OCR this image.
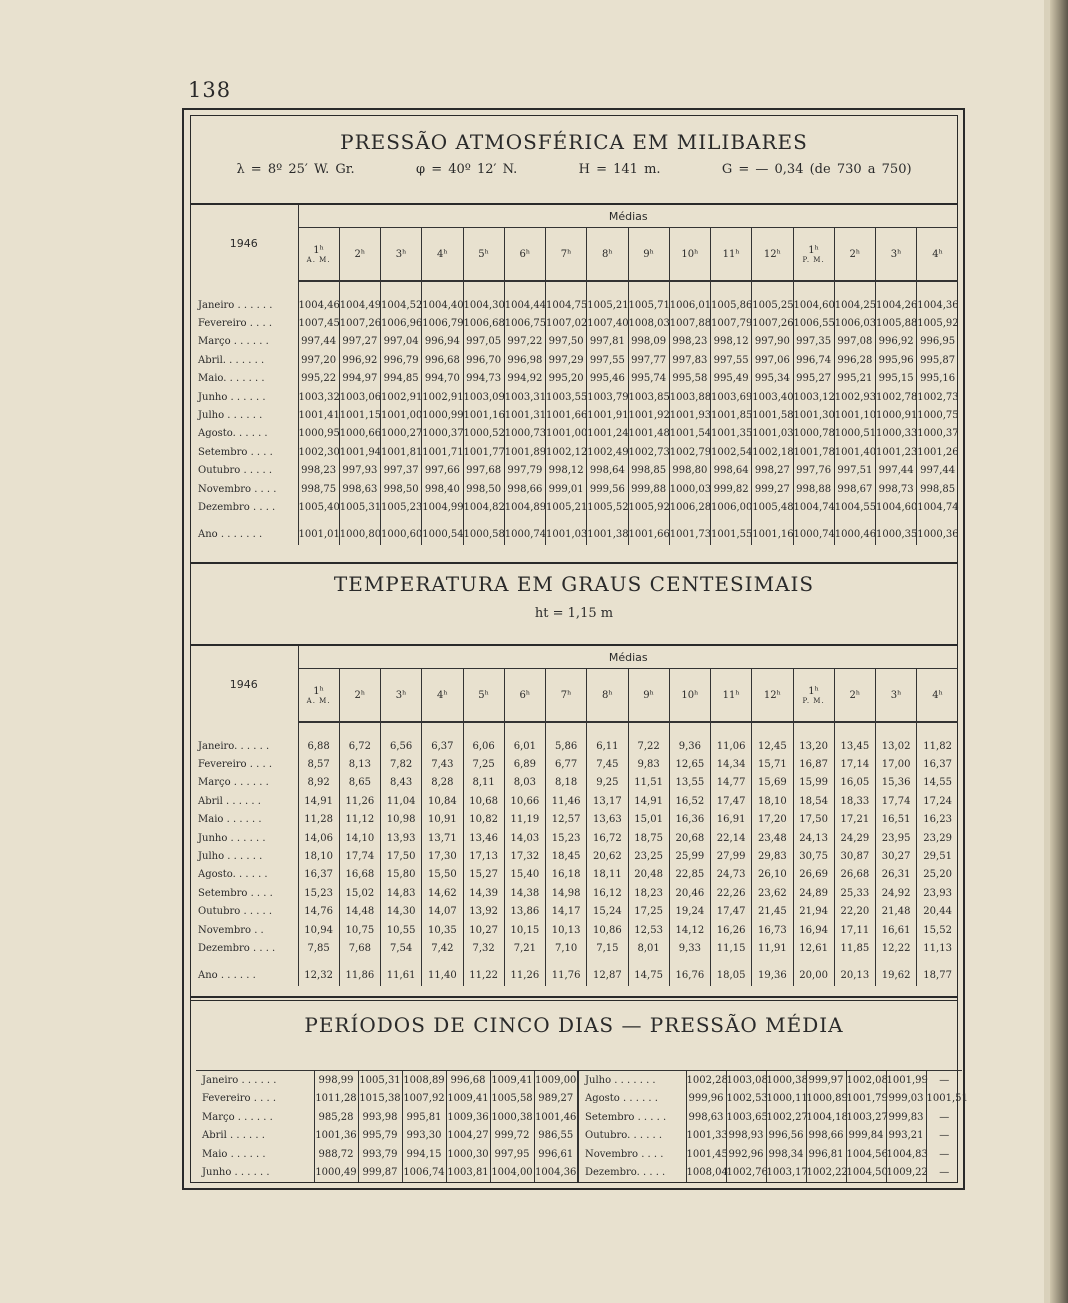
138
PRESSÃO ATMOSFÉRICA EM MILIBARES
λ = 8º 25′ W. Gr.          φ = 40º 12′ N.          H = 141 m.          G = — 0,34 (de 730 a 750)
1946	Médias															

	1ʰ
A. M.	2ʰ	3ʰ	4ʰ	5ʰ	6ʰ	7ʰ	8ʰ	9ʰ	10ʰ	11ʰ	12ʰ	1ʰ
P. M.	2ʰ	3ʰ	4ʰ

Janeiro . . . . . .	1004,46	1004,49	1004,52	1004,40	1004,30	1004,44	1004,75	1005,21	1005,71	1006,01	1005,86	1005,25	1004,60	1004,25	1004,26	1004,36
Fevereiro . . . .	1007,45	1007,26	1006,96	1006,79	1006,68	1006,75	1007,02	1007,40	1008,03	1007,88	1007,79	1007,26	1006,55	1006,03	1005,88	1005,92
Março . . . . . .	997,44	997,27	997,04	996,94	997,05	997,22	997,50	997,81	998,09	998,23	998,12	997,90	997,35	997,08	996,92	996,95
Abril. . . . . . .	997,20	996,92	996,79	996,68	996,70	996,98	997,29	997,55	997,77	997,83	997,55	997,06	996,74	996,28	995,96	995,87
Maio. . . . . . .	995,22	994,97	994,85	994,70	994,73	994,92	995,20	995,46	995,74	995,58	995,49	995,34	995,27	995,21	995,15	995,16
Junho . . . . . .	1003,32	1003,06	1002,91	1002,91	1003,09	1003,31	1003,55	1003,79	1003,85	1003,88	1003,69	1003,40	1003,12	1002,93	1002,78	1002,73
Julho . . . . . .	1001,41	1001,15	1001,00	1000,99	1001,16	1001,31	1001,66	1001,91	1001,92	1001,93	1001,85	1001,58	1001,30	1001,10	1000,91	1000,75
Agosto. . . . . .	1000,95	1000,66	1000,27	1000,37	1000,52	1000,73	1001,00	1001,24	1001,48	1001,54	1001,35	1001,03	1000,78	1000,51	1000,33	1000,37
Setembro . . . .	1002,30	1001,94	1001,81	1001,71	1001,77	1001,89	1002,12	1002,49	1002,73	1002,79	1002,54	1002,18	1001,78	1001,40	1001,23	1001,26
Outubro . . . . .	998,23	997,93	997,37	997,66	997,68	997,79	998,12	998,64	998,85	998,80	998,64	998,27	997,76	997,51	997,44	997,44
Novembro . . . .	998,75	998,63	998,50	998,40	998,50	998,66	999,01	999,56	999,88	1000,03	999,82	999,27	998,88	998,67	998,73	998,85
Dezembro . . . .	1005,40	1005,31	1005,23	1004,99	1004,82	1004,89	1005,21	1005,52	1005,92	1006,28	1006,00	1005,48	1004,74	1004,55	1004,60	1004,74

Ano . . . . . . .	1001,01	1000,80	1000,60	1000,54	1000,58	1000,74	1001,03	1001,38	1001,66	1001,73	1001,55	1001,16	1000,74	1000,46	1000,35	1000,36
TEMPERATURA EM GRAUS CENTESIMAIS
ht = 1,15 m
1946	Médias															

	1ʰ
A. M.	2ʰ	3ʰ	4ʰ	5ʰ	6ʰ	7ʰ	8ʰ	9ʰ	10ʰ	11ʰ	12ʰ	1ʰ
P. M.	2ʰ	3ʰ	4ʰ

Janeiro. . . . . .	6,88	6,72	6,56	6,37	6,06	6,01	5,86	6,11	7,22	9,36	11,06	12,45	13,20	13,45	13,02	11,82
Fevereiro . . . .	8,57	8,13	7,82	7,43	7,25	6,89	6,77	7,45	9,83	12,65	14,34	15,71	16,87	17,14	17,00	16,37
Março . . . . . .	8,92	8,65	8,43	8,28	8,11	8,03	8,18	9,25	11,51	13,55	14,77	15,69	15,99	16,05	15,36	14,55
Abril . . . . . .	14,91	11,26	11,04	10,84	10,68	10,66	11,46	13,17	14,91	16,52	17,47	18,10	18,54	18,33	17,74	17,24
Maio . . . . . .	11,28	11,12	10,98	10,91	10,82	11,19	12,57	13,63	15,01	16,36	16,91	17,20	17,50	17,21	16,51	16,23
Junho . . . . . .	14,06	14,10	13,93	13,71	13,46	14,03	15,23	16,72	18,75	20,68	22,14	23,48	24,13	24,29	23,95	23,29
Julho . . . . . .	18,10	17,74	17,50	17,30	17,13	17,32	18,45	20,62	23,25	25,99	27,99	29,83	30,75	30,87	30,27	29,51
Agosto. . . . . .	16,37	16,68	15,80	15,50	15,27	15,40	16,18	18,11	20,48	22,85	24,73	26,10	26,69	26,68	26,31	25,20
Setembro . . . .	15,23	15,02	14,83	14,62	14,39	14,38	14,98	16,12	18,23	20,46	22,26	23,62	24,89	25,33	24,92	23,93
Outubro . . . . .	14,76	14,48	14,30	14,07	13,92	13,86	14,17	15,24	17,25	19,24	17,47	21,45	21,94	22,20	21,48	20,44
Novembro . .	10,94	10,75	10,55	10,35	10,27	10,15	10,13	10,86	12,53	14,12	16,26	16,73	16,94	17,11	16,61	15,52
Dezembro . . . .	7,85	7,68	7,54	7,42	7,32	7,21	7,10	7,15	8,01	9,33	11,15	11,91	12,61	11,85	12,22	11,13

Ano . . . . . .	12,32	11,86	11,61	11,40	11,22	11,26	11,76	12,87	14,75	16,76	18,05	19,36	20,00	20,13	19,62	18,77
PERÍODOS DE CINCO DIAS — PRESSÃO MÉDIA
Janeiro . . . . . .	998,99	1005,31	1008,89	996,68	1009,41	1009,00	Julho . . . . . . .	1002,28	1003,08	1000,38	999,97	1002,08	1001,99	—
Fevereiro . . . .	1011,28	1015,38	1007,92	1009,41	1005,58	989,27	Agosto . . . . . .	999,96	1002,53	1000,11	1000,89	1001,79	999,03	1001,51
Março . . . . . .	985,28	993,98	995,81	1009,36	1000,38	1001,46	Setembro . . . . .	998,63	1003,65	1002,27	1004,18	1003,27	999,83	—
Abril . . . . . .	1001,36	995,79	993,30	1004,27	999,72	986,55	Outubro. . . . . .	1001,33	998,93	996,56	998,66	999,84	993,21	—
Maio . . . . . .	988,72	993,79	994,15	1000,30	997,95	996,61	Novembro . . . .	1001,45	992,96	998,34	996,81	1004,56	1004,83	—
Junho . . . . . .	1000,49	999,87	1006,74	1003,81	1004,00	1004,36	Dezembro. . . . .	1008,04	1002,76	1003,17	1002,22	1004,50	1009,22	—
